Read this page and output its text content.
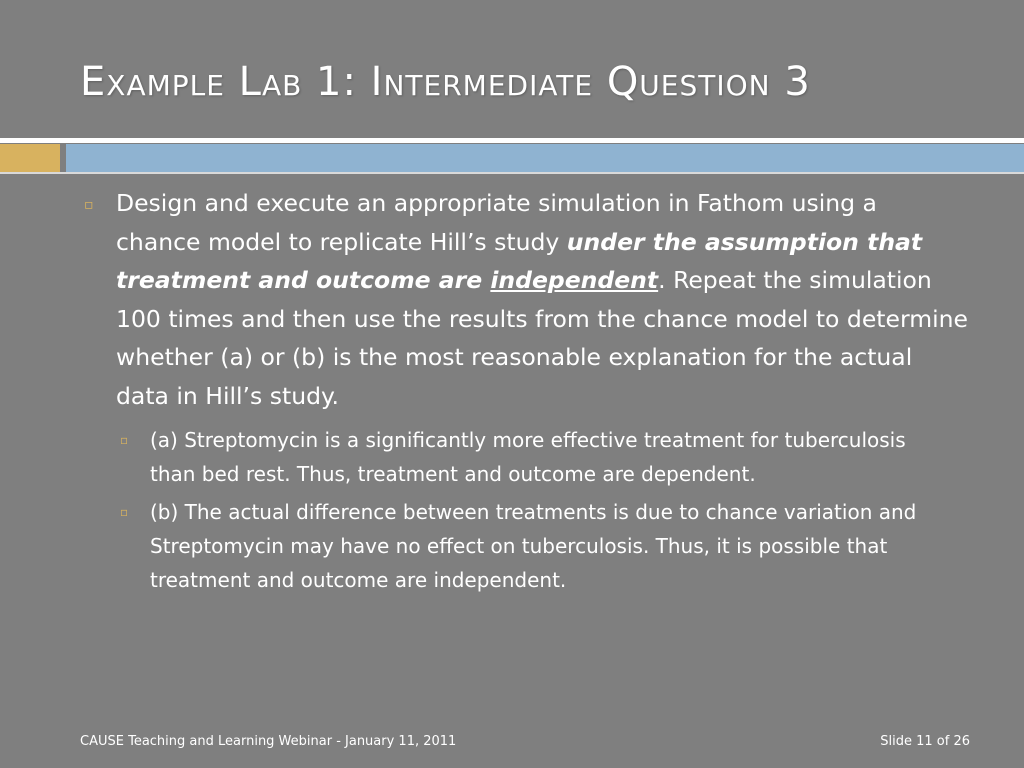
Example Lab 1: Intermediate Question 3
▫ Design and execute an appropriate simulation in Fathom using a chance model to replicate Hill’s study under the assumption that treatment and outcome are independent. Repeat the simulation 100 times and then use the results from the chance model to determine whether (a) or (b) is the most reasonable explanation for the actual data in Hill’s study.
▫	(a) Streptomycin is a significantly more effective treatment for tuberculosis than bed rest. Thus, treatment and outcome are dependent.
▫	(b) The actual difference between treatments is due to chance variation and Streptomycin may have no effect on tuberculosis. Thus, it is possible that treatment and outcome are independent.
CAUSE Teaching and Learning Webinar - January 11, 2011	Slide 11 of 26
